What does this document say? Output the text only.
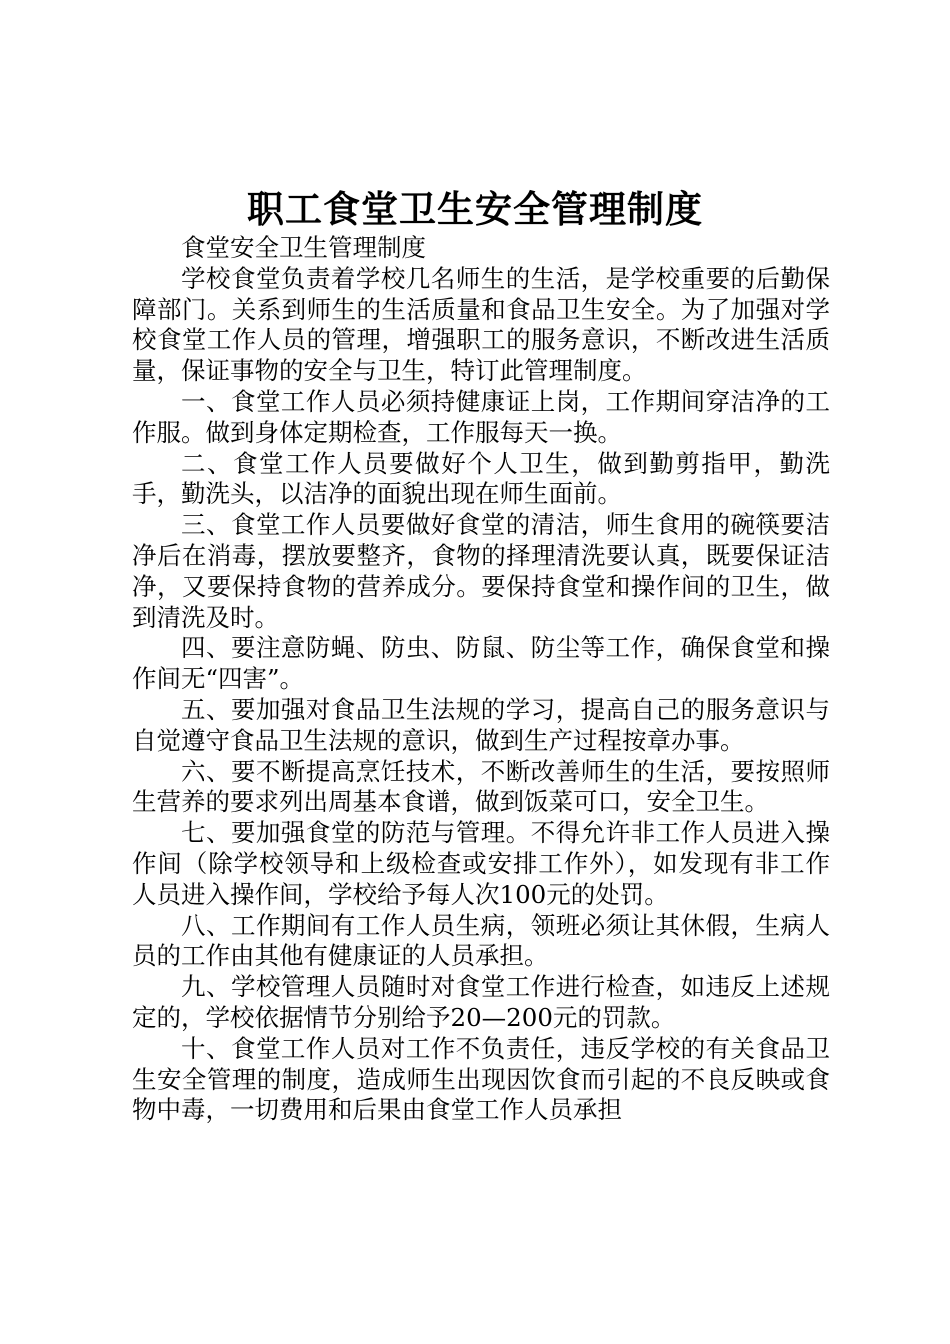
职工食堂卫生安全管理制度

食堂安全卫生管理制度

学校食堂负责着学校几名师生的生活，是学校重要的后勤保障部门。关系到师生的生活质量和食品卫生安全。为了加强对学校食堂工作人员的管理，增强职工的服务意识，不断改进生活质量，保证事物的安全与卫生，特订此管理制度。

一、食堂工作人员必须持健康证上岗，工作期间穿洁净的工作服。做到身体定期检查，工作服每天一换。

二、食堂工作人员要做好个人卫生，做到勤剪指甲，勤洗手，勤洗头，以洁净的面貌出现在师生面前。

三、食堂工作人员要做好食堂的清洁，师生食用的碗筷要洁净后在消毒，摆放要整齐，食物的择理清洗要认真，既要保证洁净，又要保持食物的营养成分。要保持食堂和操作间的卫生，做到清洗及时。

四、要注意防蝇、防虫、防鼠、防尘等工作，确保食堂和操作间无“四害”。

五、要加强对食品卫生法规的学习，提高自己的服务意识与自觉遵守食品卫生法规的意识，做到生产过程按章办事。

六、要不断提高烹饪技术，不断改善师生的生活，要按照师生营养的要求列出周基本食谱，做到饭菜可口，安全卫生。

七、要加强食堂的防范与管理。不得允许非工作人员进入操作间（除学校领导和上级检查或安排工作外），如发现有非工作人员进入操作间，学校给予每人次100元的处罚。

八、工作期间有工作人员生病，领班必须让其休假，生病人员的工作由其他有健康证的人员承担。

九、学校管理人员随时对食堂工作进行检查，如违反上述规定的，学校依据情节分别给予20—200元的罚款。

十、食堂工作人员对工作不负责任，违反学校的有关食品卫生安全管理的制度，造成师生出现因饮食而引起的不良反映或食物中毒，一切费用和后果由食堂工作人员承担
